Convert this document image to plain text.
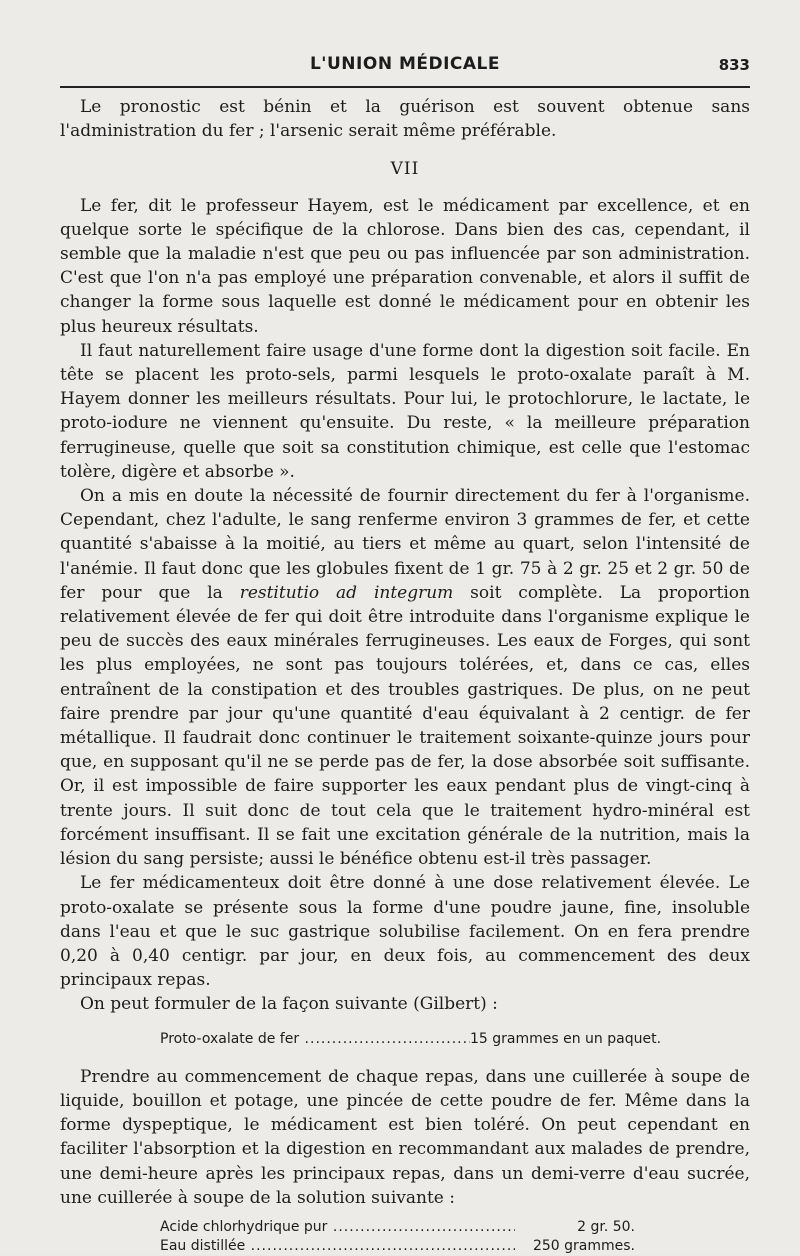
L'UNION MÉDICALE	833

Le pronostic est bénin et la guérison est souvent obtenue sans l'administration du fer ; l'arsenic serait même préférable.

VII

Le fer, dit le professeur Hayem, est le médicament par excellence, et en quelque sorte le spécifique de la chlorose. Dans bien des cas, cependant, il semble que la maladie n'est que peu ou pas influencée par son administration. C'est que l'on n'a pas employé une préparation convenable, et alors il suffit de changer la forme sous laquelle est donné le médicament pour en obtenir les plus heureux résultats.

Il faut naturellement faire usage d'une forme dont la digestion soit facile. En tête se placent les proto-sels, parmi lesquels le proto-oxalate paraît à M. Hayem donner les meilleurs résultats. Pour lui, le protochlorure, le lactate, le proto-iodure ne viennent qu'ensuite. Du reste, « la meilleure préparation ferrugineuse, quelle que soit sa constitution chimique, est celle que l'estomac tolère, digère et absorbe ».

On a mis en doute la nécessité de fournir directement du fer à l'organisme. Cependant, chez l'adulte, le sang renferme environ 3 grammes de fer, et cette quantité s'abaisse à la moitié, au tiers et même au quart, selon l'intensité de l'anémie. Il faut donc que les globules fixent de 1 gr. 75 à 2 gr. 25 et 2 gr. 50 de fer pour que la restitutio ad integrum soit complète. La proportion relativement élevée de fer qui doit être introduite dans l'organisme explique le peu de succès des eaux minérales ferrugineuses. Les eaux de Forges, qui sont les plus employées, ne sont pas toujours tolérées, et, dans ce cas, elles entraînent de la constipation et des troubles gastriques. De plus, on ne peut faire prendre par jour qu'une quantité d'eau équivalant à 2 centigr. de fer métallique. Il faudrait donc continuer le traitement soixante-quinze jours pour que, en supposant qu'il ne se perde pas de fer, la dose absorbée soit suffisante. Or, il est impossible de faire supporter les eaux pendant plus de vingt-cinq à trente jours. Il suit donc de tout cela que le traitement hydro-minéral est forcément insuffisant. Il se fait une excitation générale de la nutrition, mais la lésion du sang persiste; aussi le bénéfice obtenu est-il très passager.

Le fer médicamenteux doit être donné à une dose relativement élevée. Le proto-oxalate se présente sous la forme d'une poudre jaune, fine, insoluble dans l'eau et que le suc gastrique solubilise facilement. On en fera prendre 0,20 à 0,40 centigr. par jour, en deux fois, au commencement des deux principaux repas.

On peut formuler de la façon suivante (Gilbert) :

Proto-oxalate de fer .....	15 grammes en un paquet.

Prendre au commencement de chaque repas, dans une cuillerée à soupe de liquide, bouillon et potage, une pincée de cette poudre de fer. Même dans la forme dyspeptique, le médicament est bien toléré. On peut cependant en faciliter l'absorption et la digestion en recommandant aux malades de prendre, une demi-heure après les principaux repas, dans un demi-verre d'eau sucrée, une cuillerée à soupe de la solution suivante :

Acide chlorhydrique pur .....	2 gr. 50.
Eau distillée .....	250 grammes.
